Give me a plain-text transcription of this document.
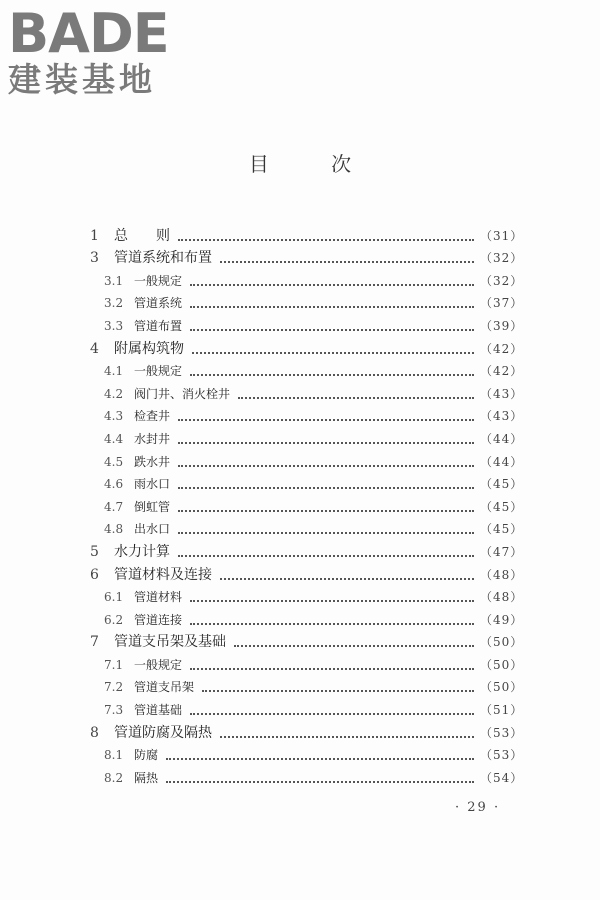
BADE
建装基地
目 次
1	总　　则	（31）
3	管道系统和布置	（32）
3.1 一般规定	（32）
3.2 管道系统	（37）
3.3 管道布置	（39）
4	附属构筑物	（42）
4.1 一般规定	（42）
4.2 阀门井、消火栓井	（43）
4.3 检查井	（43）
4.4 水封井	（44）
4.5 跌水井	（44）
4.6 雨水口	（45）
4.7 倒虹管	（45）
4.8 出水口	（45）
5	水力计算	（47）
6	管道材料及连接	（48）
6.1 管道材料	（48）
6.2 管道连接	（49）
7	管道支吊架及基础	（50）
7.1 一般规定	（50）
7.2 管道支吊架	（50）
7.3 管道基础	（51）
8	管道防腐及隔热	（53）
8.1 防腐	（53）
8.2 隔热	（54）
· 29 ·
